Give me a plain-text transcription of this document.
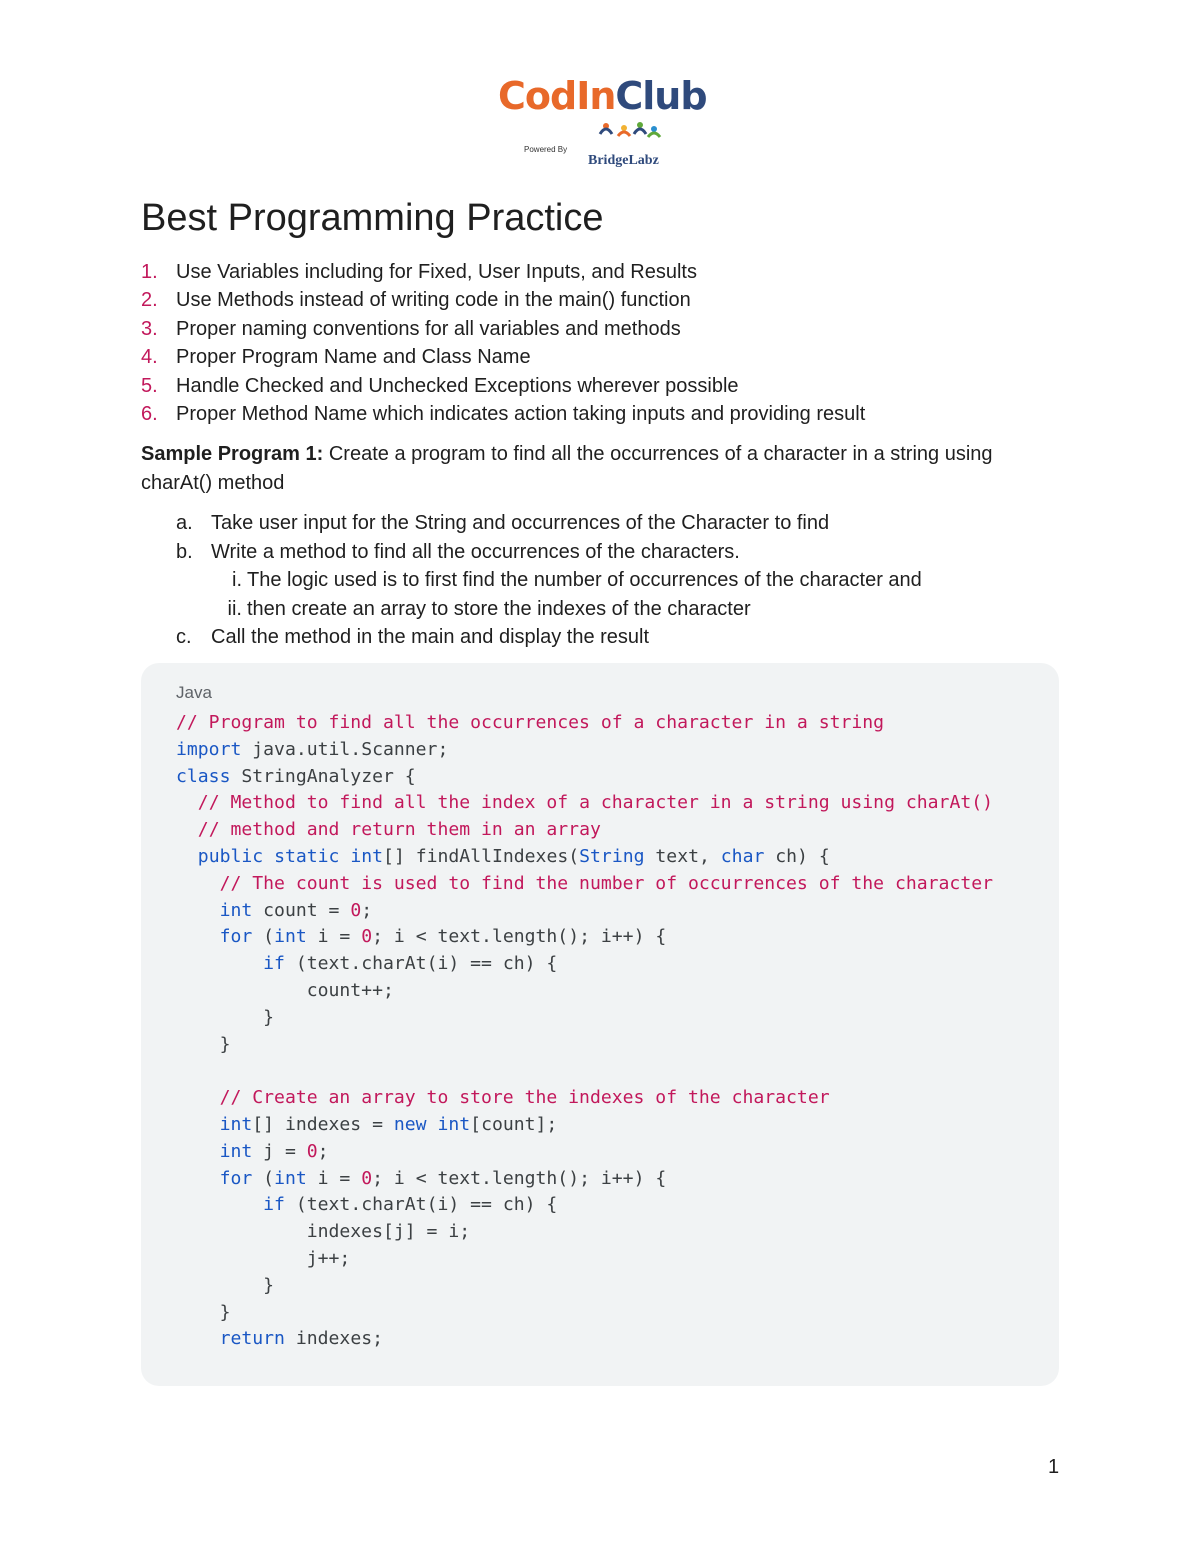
CodInClub
Powered By
BridgeLabz
Best Programming Practice
1. Use Variables including for Fixed, User Inputs, and Results
2. Use Methods instead of writing code in the main() function
3. Proper naming conventions for all variables and methods
4. Proper Program Name and Class Name
5. Handle Checked and Unchecked Exceptions wherever possible
6. Proper Method Name which indicates action taking inputs and providing result
Sample Program 1: Create a program to find all the occurrences of a character in a string using charAt() method
a. Take user input for the String and occurrences of the Character to find
b. Write a method to find all the occurrences of the characters.
i. The logic used is to first find the number of occurrences of the character and
ii. then create an array to store the indexes of the character
c. Call the method in the main and display the result
Java
// Program to find all the occurrences of a character in a string
import java.util.Scanner;
class StringAnalyzer {
// Method to find all the index of a character in a string using charAt()
// method and return them in an array
public static int[] findAllIndexes(String text, char ch) {
// The count is used to find the number of occurrences of the character
int count = 0;
for (int i = 0; i < text.length(); i++) {
if (text.charAt(i) == ch) {
count++;
}
}
// Create an array to store the indexes of the character
int[] indexes = new int[count];
int j = 0;
for (int i = 0; i < text.length(); i++) {
if (text.charAt(i) == ch) {
indexes[j] = i;
j++;
}
}
return indexes;
1
